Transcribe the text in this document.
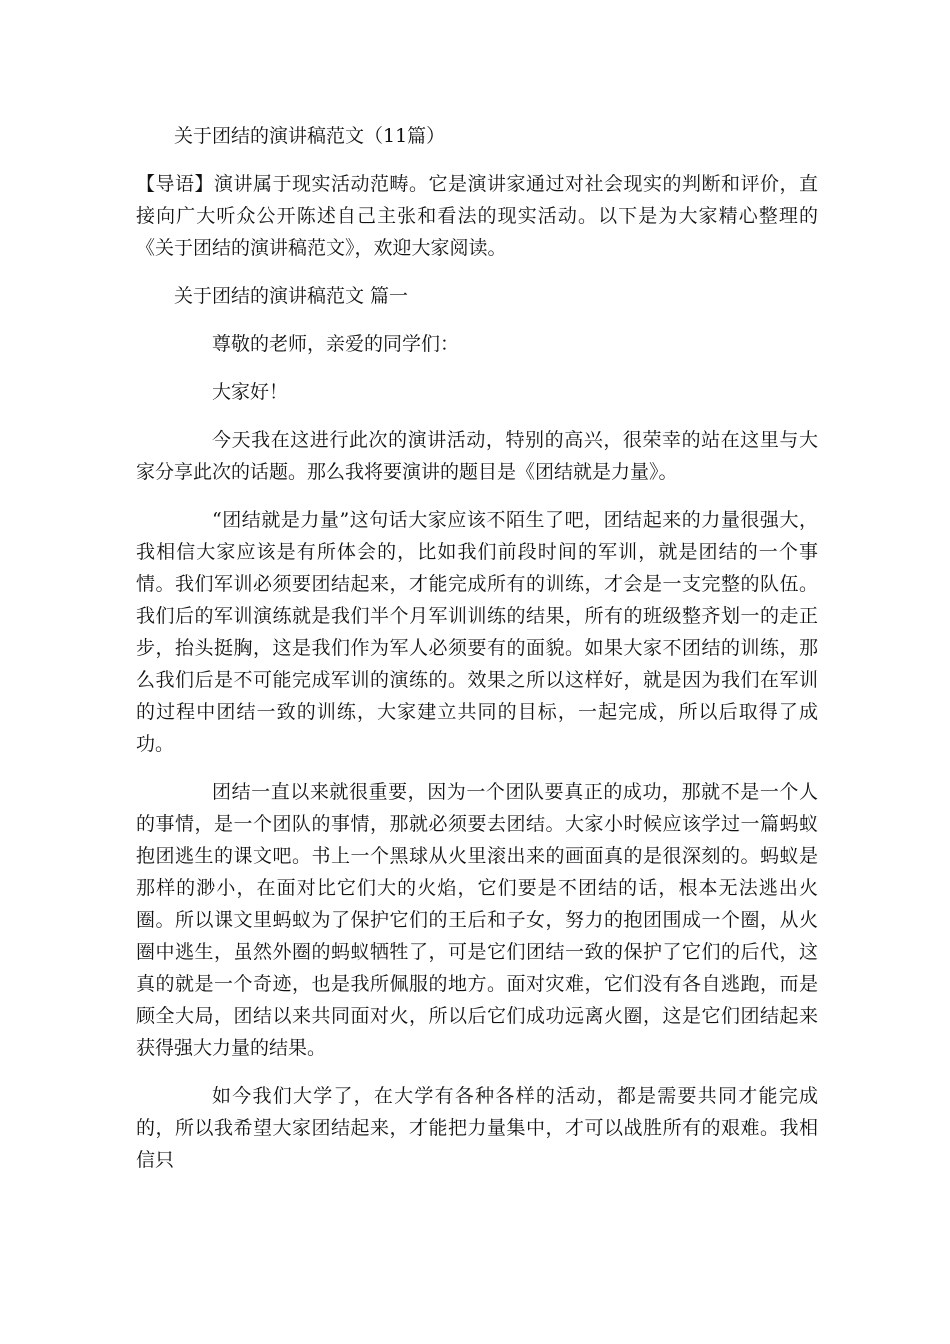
关于团结的演讲稿范文（11篇）

【导语】演讲属于现实活动范畴。它是演讲家通过对社会现实的判断和评价，直接向广大听众公开陈述自己主张和看法的现实活动。以下是为大家精心整理的《关于团结的演讲稿范文》，欢迎大家阅读。

关于团结的演讲稿范文 篇一

尊敬的老师，亲爱的同学们：

大家好！

今天我在这进行此次的演讲活动，特别的高兴，很荣幸的站在这里与大家分享此次的话题。那么我将要演讲的题目是《团结就是力量》。

“团结就是力量”这句话大家应该不陌生了吧，团结起来的力量很强大，我相信大家应该是有所体会的，比如我们前段时间的军训，就是团结的一个事情。我们军训必须要团结起来，才能完成所有的训练，才会是一支完整的队伍。我们后的军训演练就是我们半个月军训训练的结果，所有的班级整齐划一的走正步，抬头挺胸，这是我们作为军人必须要有的面貌。如果大家不团结的训练，那么我们后是不可能完成军训的演练的。效果之所以这样好，就是因为我们在军训的过程中团结一致的训练，大家建立共同的目标，一起完成，所以后取得了成功。

团结一直以来就很重要，因为一个团队要真正的成功，那就不是一个人的事情，是一个团队的事情，那就必须要去团结。大家小时候应该学过一篇蚂蚁抱团逃生的课文吧。书上一个黑球从火里滚出来的画面真的是很深刻的。蚂蚁是那样的渺小，在面对比它们大的火焰，它们要是不团结的话，根本无法逃出火圈。所以课文里蚂蚁为了保护它们的王后和子女，努力的抱团围成一个圈，从火圈中逃生，虽然外圈的蚂蚁牺牲了，可是它们团结一致的保护了它们的后代，这真的就是一个奇迹，也是我所佩服的地方。面对灾难，它们没有各自逃跑，而是顾全大局，团结以来共同面对火，所以后它们成功远离火圈，这是它们团结起来获得强大力量的结果。

如今我们大学了，在大学有各种各样的活动，都是需要共同才能完成的，所以我希望大家团结起来，才能把力量集中，才可以战胜所有的艰难。我相信只
